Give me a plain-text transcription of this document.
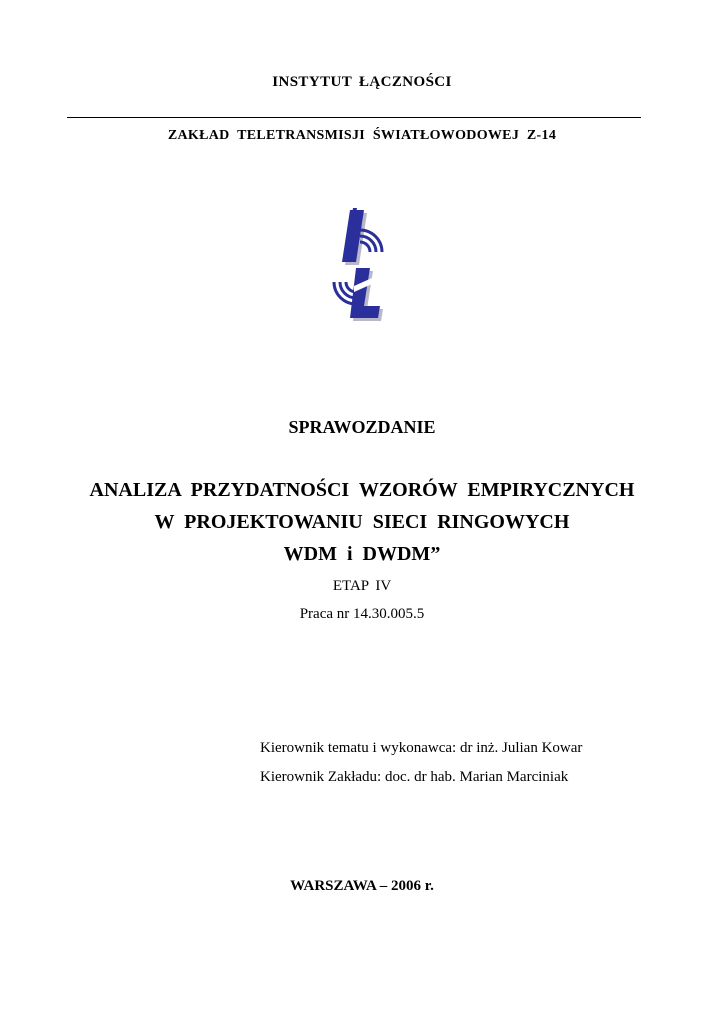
INSTYTUT ŁĄCZNOŚCI
ZAKŁAD TELETRANSMISJI ŚWIATŁOWODOWEJ Z-14
SPRAWOZDANIE
ANALIZA PRZYDATNOŚCI WZORÓW EMPIRYCZNYCH
W PROJEKTOWANIU SIECI RINGOWYCH
WDM i DWDM”
ETAP IV
Praca nr 14.30.005.5
Kierownik tematu i wykonawca: dr inż. Julian Kowar
Kierownik Zakładu: doc. dr hab. Marian Marciniak
WARSZAWA – 2006 r.
